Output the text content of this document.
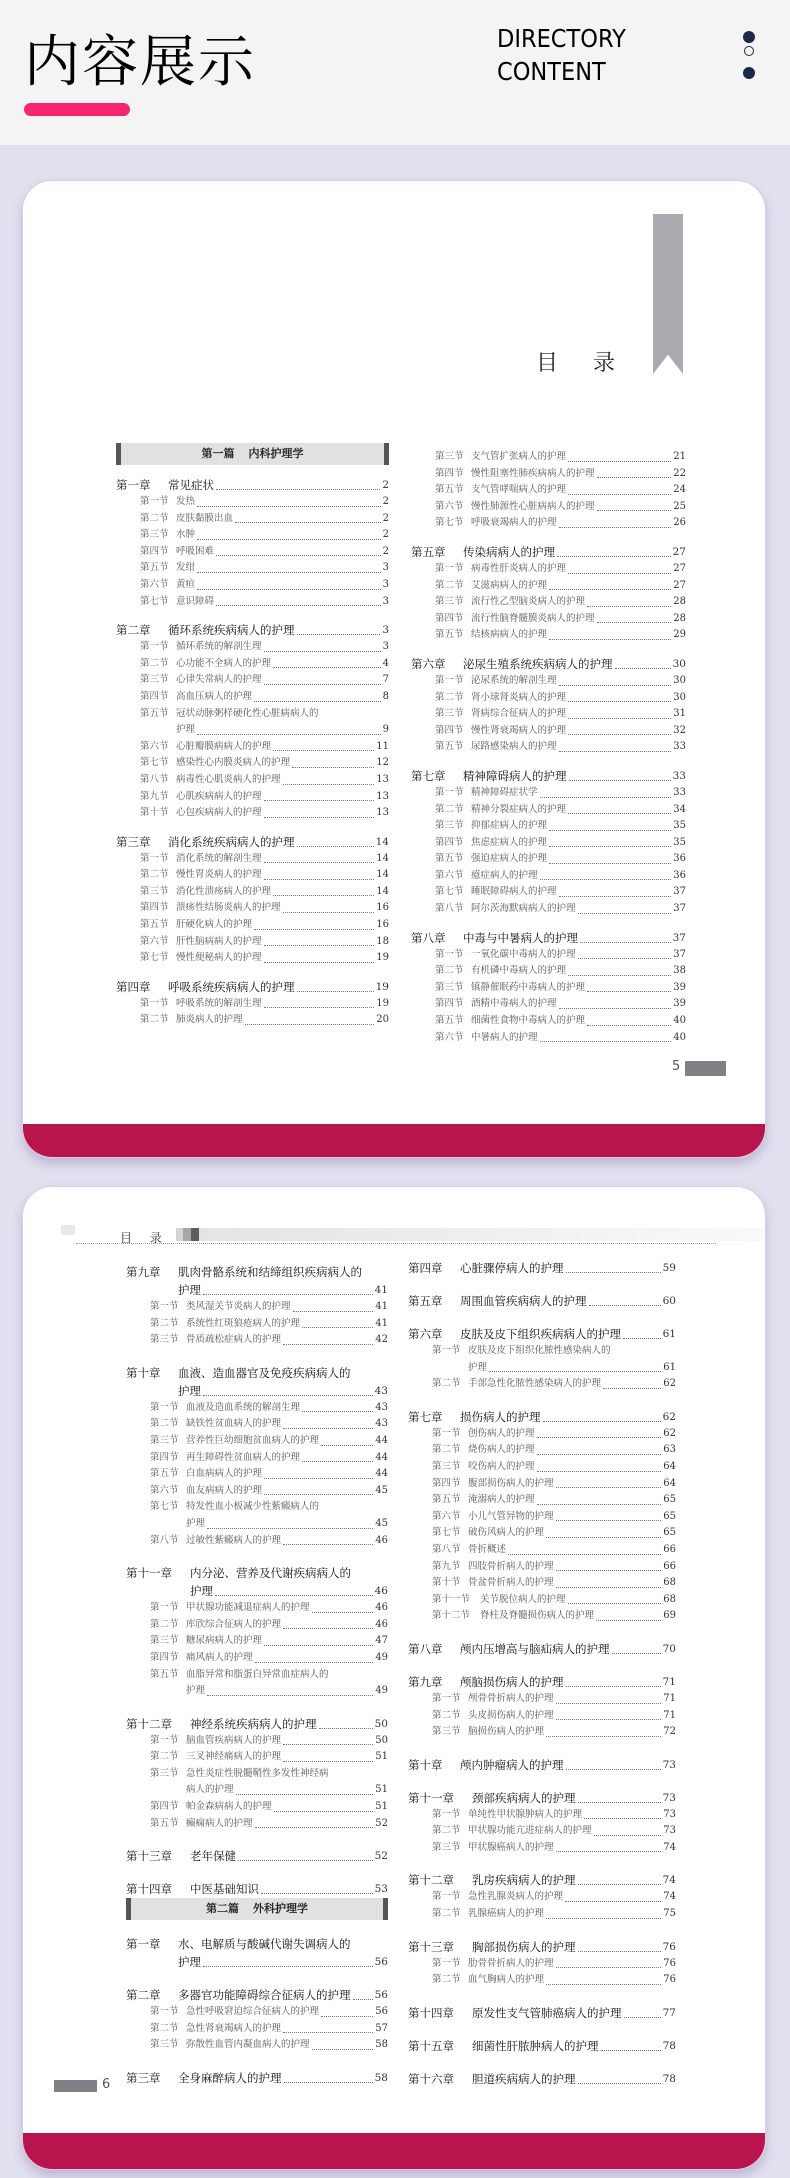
内容展示	DIRECTORY
CONTENT
目 录
第一篇 内科护理学
第一章	常见症状	2
第一节 发热	2
第二节 皮肤黏膜出血	2
第三节 水肿	2
第四节 呼吸困难	2
第五节 发绀	3
第六节 黄疸	3
第七节 意识障碍	3
第二章	循环系统疾病病人的护理	3
第一节 循环系统的解剖生理	3
第二节 心功能不全病人的护理	4
第三节 心律失常病人的护理	7
第四节 高血压病人的护理	8
第五节 冠状动脉粥样硬化性心脏病病人的
护理	9
第六节 心脏瓣膜病病人的护理	11
第七节 感染性心内膜炎病人的护理	12
第八节 病毒性心肌炎病人的护理	13
第九节 心肌疾病病人的护理	13
第十节 心包疾病病人的护理	13
第三章	消化系统疾病病人的护理	14
第一节 消化系统的解剖生理	14
第二节 慢性胃炎病人的护理	14
第三节 消化性溃疡病人的护理	14
第四节 溃疡性结肠炎病人的护理	16
第五节 肝硬化病人的护理	16
第六节 肝性脑病病人的护理	18
第七节 慢性便秘病人的护理	19
第四章	呼吸系统疾病病人的护理	19
第一节 呼吸系统的解剖生理	19
第二节 肺炎病人的护理	20
第三节 支气管扩张病人的护理	21
第四节 慢性阻塞性肺疾病病人的护理	22
第五节 支气管哮喘病人的护理	24
第六节 慢性肺源性心脏病病人的护理	25
第七节 呼吸衰竭病人的护理	26
第五章	传染病病人的护理	27
第一节 病毒性肝炎病人的护理	27
第二节 艾滋病病人的护理	27
第三节 流行性乙型脑炎病人的护理	28
第四节 流行性脑脊髓膜炎病人的护理	28
第五节 结核病病人的护理	29
第六章	泌尿生殖系统疾病病人的护理	30
第一节 泌尿系统的解剖生理	30
第二节 肾小球肾炎病人的护理	30
第三节 肾病综合征病人的护理	31
第四节 慢性肾衰竭病人的护理	32
第五节 尿路感染病人的护理	33
第七章	精神障碍病人的护理	33
第一节 精神障碍症状学	33
第二节 精神分裂症病人的护理	34
第三节 抑郁症病人的护理	35
第四节 焦虑症病人的护理	35
第五节 强迫症病人的护理	36
第六节 癔症病人的护理	36
第七节 睡眠障碍病人的护理	37
第八节 阿尔茨海默病病人的护理	37
第八章	中毒与中暑病人的护理	37
第一节 一氧化碳中毒病人的护理	37
第二节 有机磷中毒病人的护理	38
第三节 镇静催眠药中毒病人的护理	39
第四节 酒精中毒病人的护理	39
第五节 细菌性食物中毒病人的护理	40
第六节 中暑病人的护理	40
5
目 录
第九章	肌肉骨骼系统和结缔组织疾病病人的
护理	41
第一节 类风湿关节炎病人的护理	41
第二节 系统性红斑狼疮病人的护理	41
第三节 骨质疏松症病人的护理	42
第十章	血液、造血器官及免疫疾病病人的
护理	43
第一节 血液及造血系统的解剖生理	43
第二节 缺铁性贫血病人的护理	43
第三节 营养性巨幼细胞贫血病人的护理	44
第四节 再生障碍性贫血病人的护理	44
第五节 白血病病人的护理	44
第六节 血友病病人的护理	45
第七节 特发性血小板减少性紫癜病人的
护理	45
第八节 过敏性紫癜病人的护理	46
第十一章	内分泌、营养及代谢疾病病人的
护理	46
第一节 甲状腺功能减退症病人的护理	46
第二节 库欣综合征病人的护理	46
第三节 糖尿病病人的护理	47
第四节 痛风病人的护理	49
第五节 血脂异常和脂蛋白异常血症病人的
护理	49
第十二章	神经系统疾病病人的护理	50
第一节 脑血管疾病病人的护理	50
第二节 三叉神经痛病人的护理	51
第三节 急性炎症性脱髓鞘性多发性神经病
病人的护理	51
第四节 帕金森病病人的护理	51
第五节 癫痫病人的护理	52
第十三章	老年保健	52
第十四章	中医基础知识	53
第二篇 外科护理学
第一章	水、电解质与酸碱代谢失调病人的
护理	56
第二章	多器官功能障碍综合征病人的护理 56
第一节 急性呼吸窘迫综合征病人的护理	56
第二节 急性肾衰竭病人的护理	57
第三节 弥散性血管内凝血病人的护理	58
第三章	全身麻醉病人的护理	58
第四章	心脏骤停病人的护理	59
第五章	周围血管疾病病人的护理	60
第六章	皮肤及皮下组织疾病病人的护理	61
第一节 皮肤及皮下组织化脓性感染病人的
护理	61
第二节 手部急性化脓性感染病人的护理	62
第七章	损伤病人的护理	62
第一节 创伤病人的护理	62
第二节 烧伤病人的护理	63
第三节 咬伤病人的护理	64
第四节 腹部损伤病人的护理	64
第五节 淹溺病人的护理	65
第六节 小儿气管异物的护理	65
第七节 破伤风病人的护理	65
第八节 骨折概述	66
第九节 四肢骨折病人的护理	66
第十节 骨盆骨折病人的护理	68
第十一节	关节脱位病人的护理	68
第十二节	脊柱及脊髓损伤病人的护理	69
第八章	颅内压增高与脑疝病人的护理	70
第九章	颅脑损伤病人的护理	71
第一节 颅骨骨折病人的护理	71
第二节 头皮损伤病人的护理	71
第三节 脑损伤病人的护理	72
第十章	颅内肿瘤病人的护理	73
第十一章	颈部疾病病人的护理	73
第一节 单纯性甲状腺肿病人的护理	73
第二节 甲状腺功能亢进症病人的护理	73
第三节 甲状腺癌病人的护理	74
第十二章	乳房疾病病人的护理	74
第一节 急性乳腺炎病人的护理	74
第二节 乳腺癌病人的护理	75
第十三章	胸部损伤病人的护理	76
第一节 肋骨骨折病人的护理	76
第二节 血气胸病人的护理	76
第十四章	原发性支气管肺癌病人的护理	77
第十五章	细菌性肝脓肿病人的护理	78
第十六章	胆道疾病病人的护理	78
6
